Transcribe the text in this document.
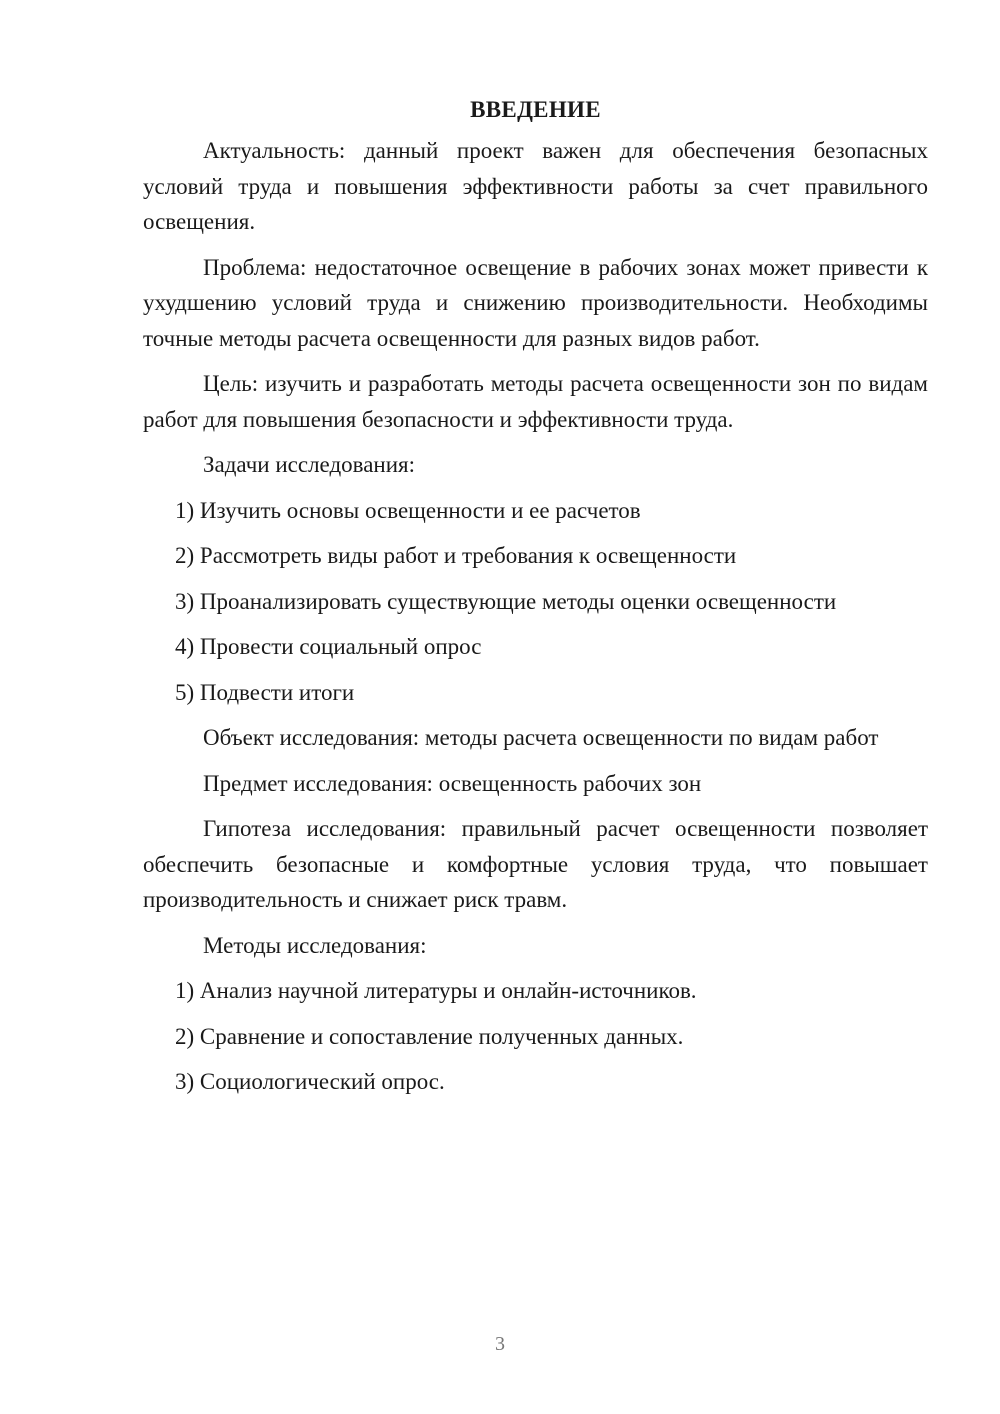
ВВЕДЕНИЕ

Актуальность: данный проект важен для обеспечения безопасных условий труда и повышения эффективности работы за счет правильного освещения.

Проблема: недостаточное освещение в рабочих зонах может привести к ухудшению условий труда и снижению производительности. Необходимы точные методы расчета освещенности для разных видов работ.

Цель: изучить и разработать методы расчета освещенности зон по видам работ для повышения безопасности и эффективности труда.

Задачи исследования:

1) Изучить основы освещенности и ее расчетов
2) Рассмотреть виды работ и требования к освещенности
3) Проанализировать существующие методы оценки освещенности
4) Провести социальный опрос
5) Подвести итоги

Объект исследования: методы расчета освещенности по видам работ

Предмет исследования: освещенность рабочих зон

Гипотеза исследования: правильный расчет освещенности позволяет обеспечить безопасные и комфортные условия труда, что повышает производительность и снижает риск травм.

Методы исследования:

1) Анализ научной литературы и онлайн-источников.
2) Сравнение и сопоставление полученных данных.
3) Социологический опрос.
3
